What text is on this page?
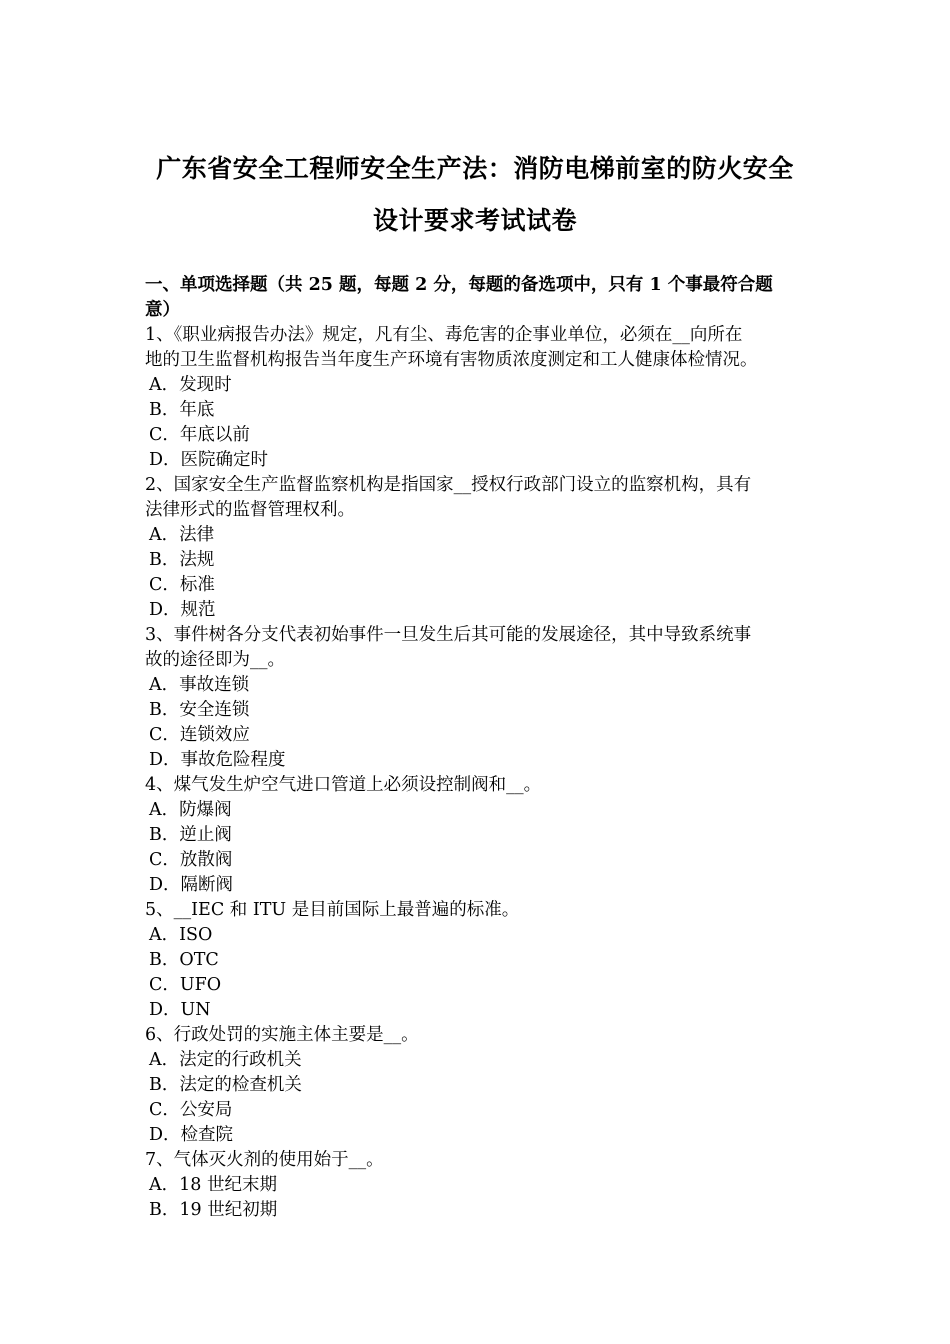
广东省安全工程师安全生产法：消防电梯前室的防火安全
设计要求考试试卷
一、单项选择题（共 25 题，每题 2 分，每题的备选项中，只有 1 个事最符合题
意）
1、《职业病报告办法》规定，凡有尘、毒危害的企事业单位，必须在__向所在
地的卫生监督机构报告当年度生产环境有害物质浓度测定和工人健康体检情况。
A．发现时
B．年底
C．年底以前
D．医院确定时
2、国家安全生产监督监察机构是指国家__授权行政部门设立的监察机构，具有
法律形式的监督管理权利。
A．法律
B．法规
C．标准
D．规范
3、事件树各分支代表初始事件一旦发生后其可能的发展途径，其中导致系统事
故的途径即为__。
A．事故连锁
B．安全连锁
C．连锁效应
D．事故危险程度
4、煤气发生炉空气进口管道上必须设控制阀和__。
A．防爆阀
B．逆止阀
C．放散阀
D．隔断阀
5、__IEC 和 ITU 是目前国际上最普遍的标准。
A．ISO
B．OTC
C．UFO
D．UN
6、行政处罚的实施主体主要是__。
A．法定的行政机关
B．法定的检查机关
C．公安局
D．检查院
7、气体灭火剂的使用始于__。
A．18 世纪末期
B．19 世纪初期
